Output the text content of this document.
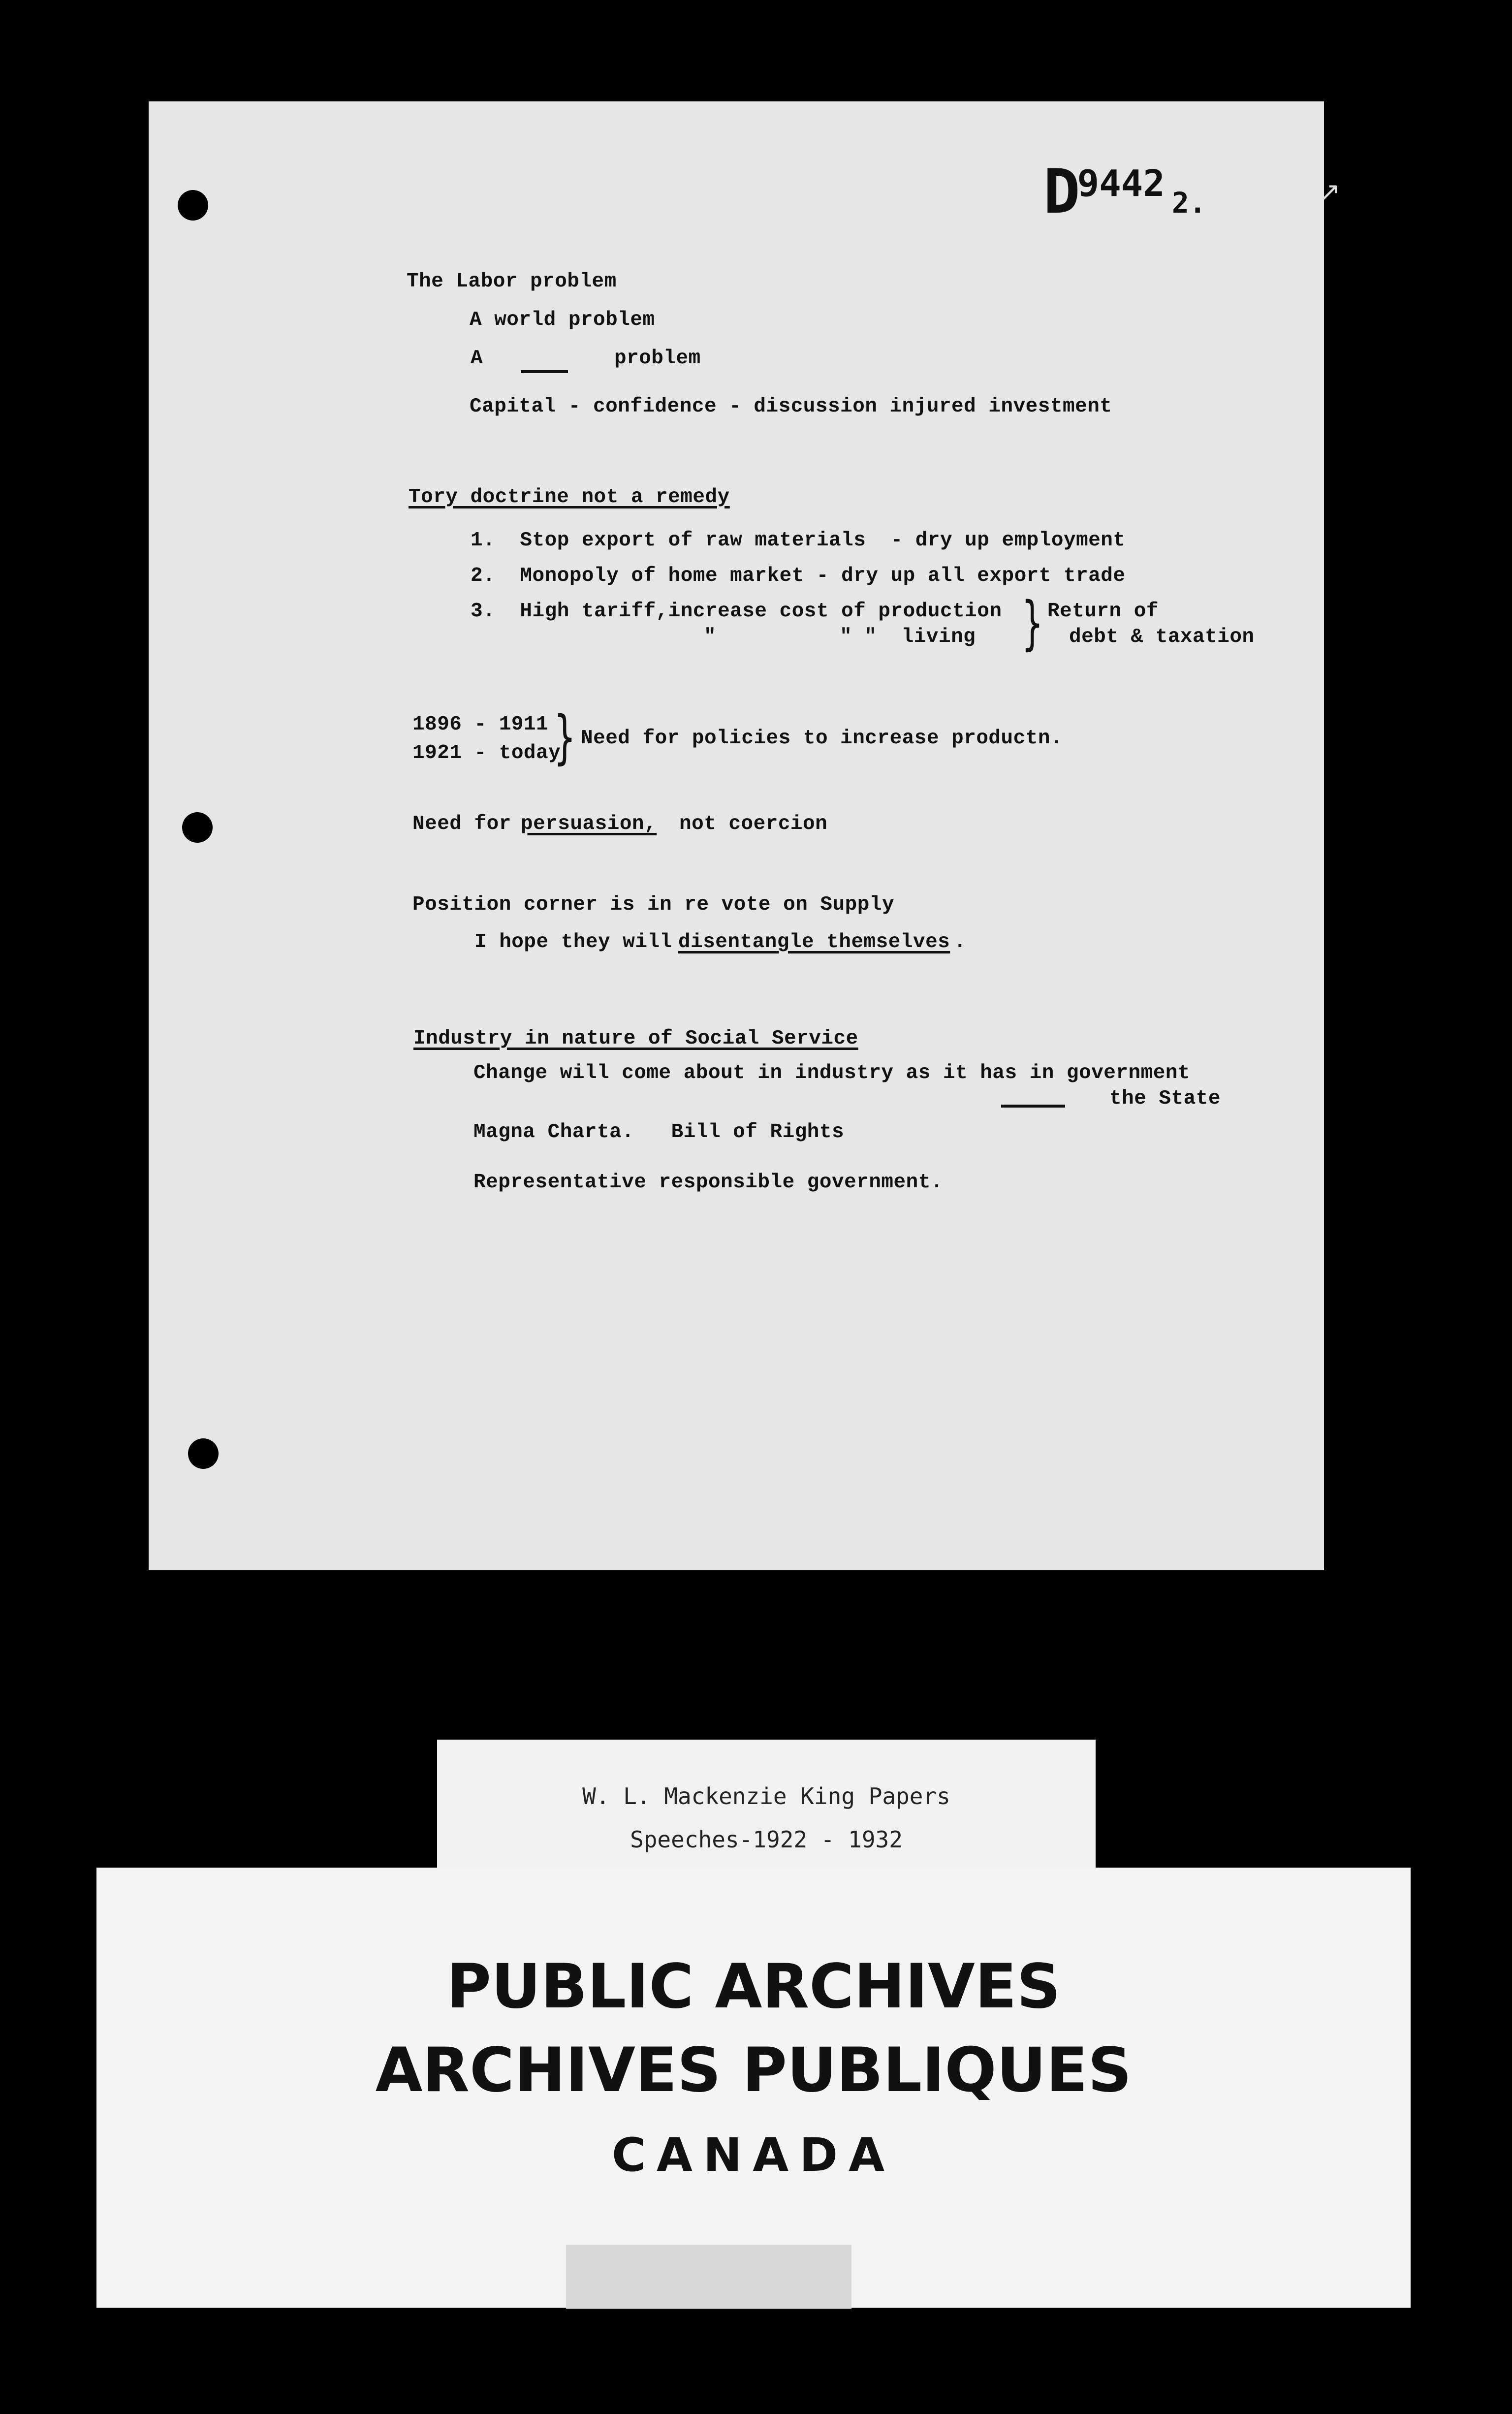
D9442 2.	↗

The Labor problem

A world problem

A	problem

Capital - confidence - discussion injured investment

Tory doctrine not a remedy

1.  Stop export of raw materials  - dry up employment

2.  Monopoly of home market - dry up all export trade

3.  High tariff,increase cost of production

"          " "  living } Return of

debt & taxation

1896 - 1911

1921 - today

} Need for policies to increase productn.

Need for persuasion, not coercion

Position corner is in re vote on Supply

I hope they will disentangle themselves .

Industry in nature of Social Service

Change will come about in industry as it has in government

the State

Magna Charta.   Bill of Rights

Representative responsible government.

W. L. Mackenzie King Papers

Speeches-1922 - 1932

PUBLIC ARCHIVES

ARCHIVES PUBLIQUES

CANADA
